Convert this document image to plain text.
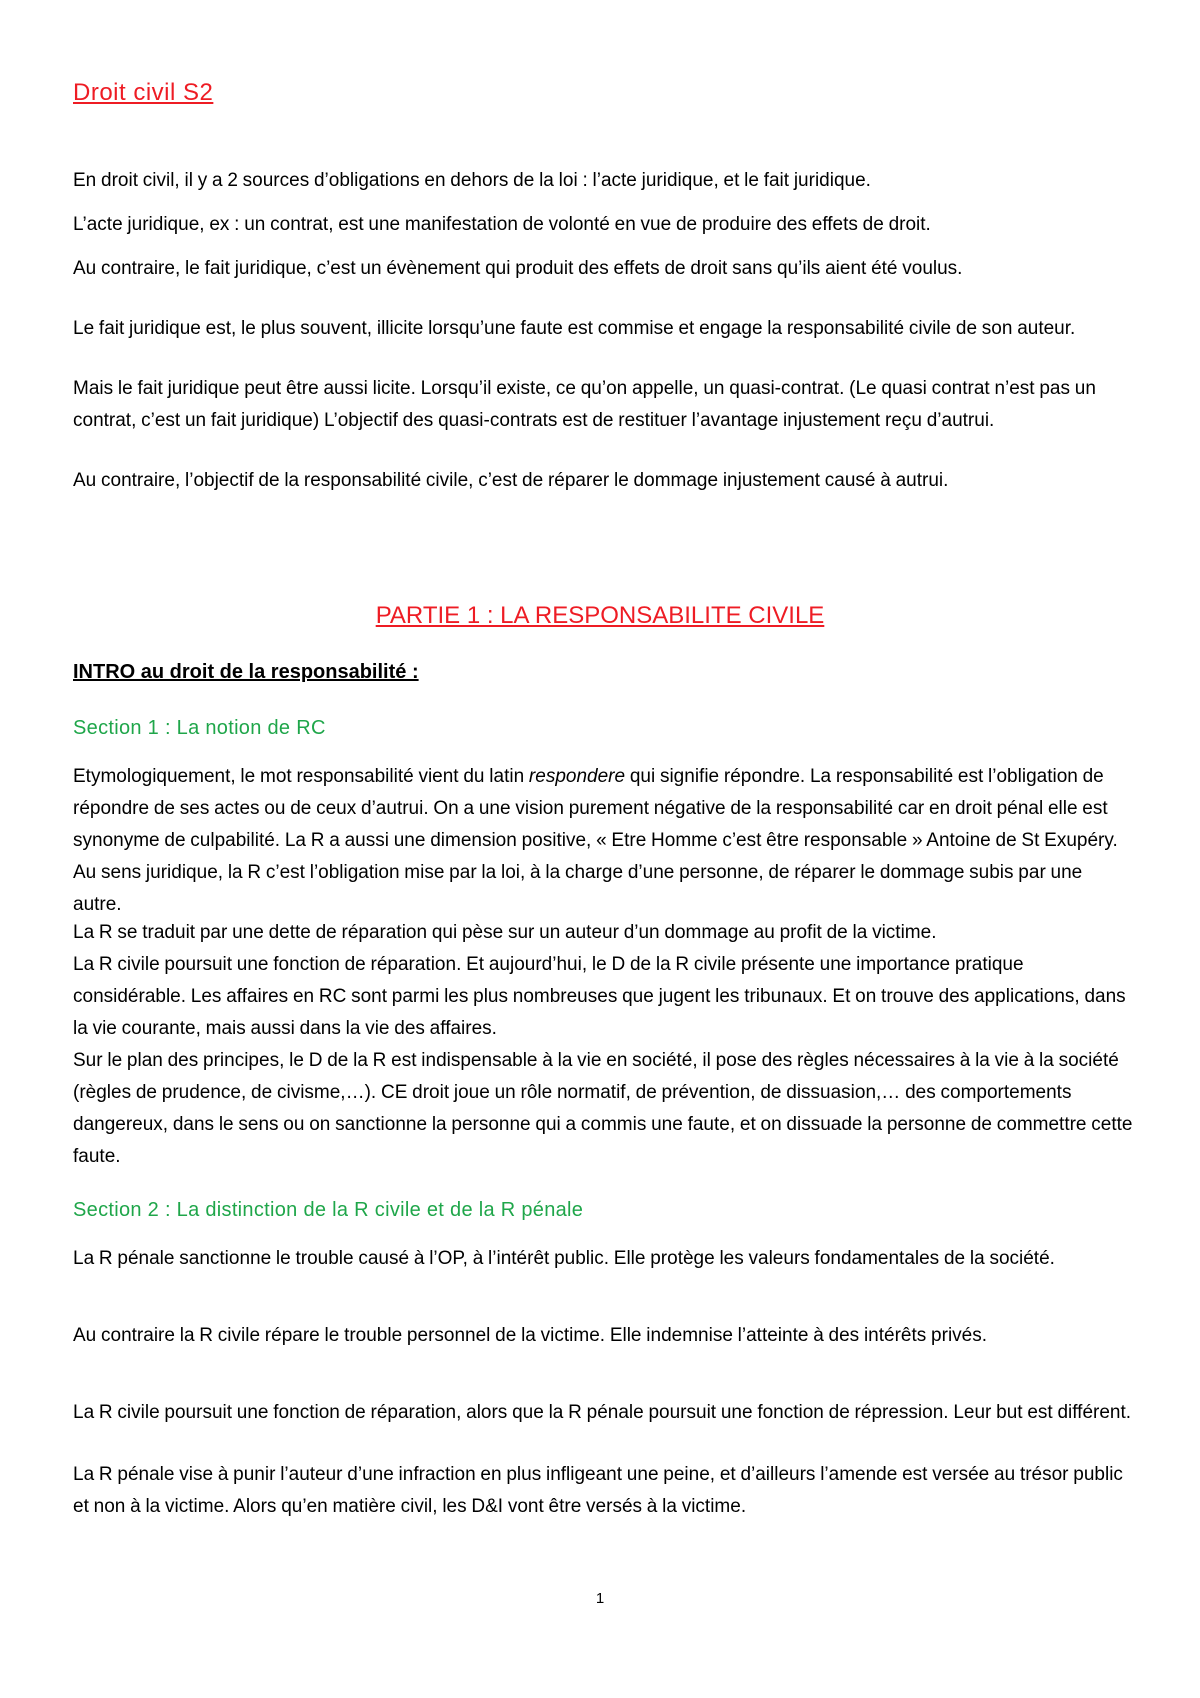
Droit civil S2

En droit civil, il y a 2 sources d’obligations en dehors de la loi : l’acte juridique, et le fait juridique.

L’acte juridique, ex : un contrat, est une manifestation de volonté en vue de produire des effets de droit.

Au contraire, le fait juridique, c’est un évènement qui produit des effets de droit sans qu’ils aient été voulus.

Le fait juridique est, le plus souvent, illicite lorsqu’une faute est commise et engage la responsabilité civile de son auteur.

Mais le fait juridique peut être aussi licite. Lorsqu’il existe, ce qu’on appelle, un quasi-contrat. (Le quasi contrat n’est pas un contrat, c’est un fait juridique) L’objectif des quasi-contrats est de restituer l’avantage injustement reçu d’autrui.

Au contraire, l’objectif de la responsabilité civile, c’est de réparer le dommage injustement causé à autrui.

PARTIE 1 : LA RESPONSABILITE CIVILE
INTRO au droit de la responsabilité :
Section 1 : La notion de RC

Etymologiquement, le mot responsabilité vient du latin respondere qui signifie répondre. La responsabilité est l’obligation de répondre de ses actes ou de ceux d’autrui. On a une vision purement négative de la responsabilité car en droit pénal elle est synonyme de culpabilité. La R a aussi une dimension positive, « Etre Homme c’est être responsable » Antoine de St Exupéry. Au sens juridique, la R c’est l’obligation mise par la loi, à la charge d’une personne, de réparer le dommage subis par une autre.

La R se traduit par une dette de réparation qui pèse sur un auteur d’un dommage au profit de la victime.

La R civile poursuit une fonction de réparation. Et aujourd’hui, le D de la R civile présente une importance pratique considérable. Les affaires en RC sont parmi les plus nombreuses que jugent les tribunaux. Et on trouve des applications, dans la vie courante, mais aussi dans la vie des affaires.

Sur le plan des principes, le D de la R est indispensable à la vie en société, il pose des règles nécessaires à la vie à la société (règles de prudence, de civisme,…). CE droit joue un rôle normatif, de prévention, de dissuasion,… des comportements dangereux, dans le sens ou on sanctionne la personne qui a commis une faute, et on dissuade la personne de commettre cette faute.

Section 2 : La distinction de la R civile et de la R pénale

La R pénale sanctionne le trouble causé à l’OP, à l’intérêt public. Elle protège les valeurs fondamentales de la société.

Au contraire la R civile répare le trouble personnel de la victime. Elle indemnise l’atteinte à des intérêts privés.

La R civile poursuit une fonction de réparation, alors que la R pénale poursuit une fonction de répression. Leur but est différent.

La R pénale vise à punir l’auteur d’une infraction en plus infligeant une peine, et d’ailleurs l’amende est versée au trésor public et non à la victime. Alors qu’en matière civil, les D&I vont être versés à la victime.

1
